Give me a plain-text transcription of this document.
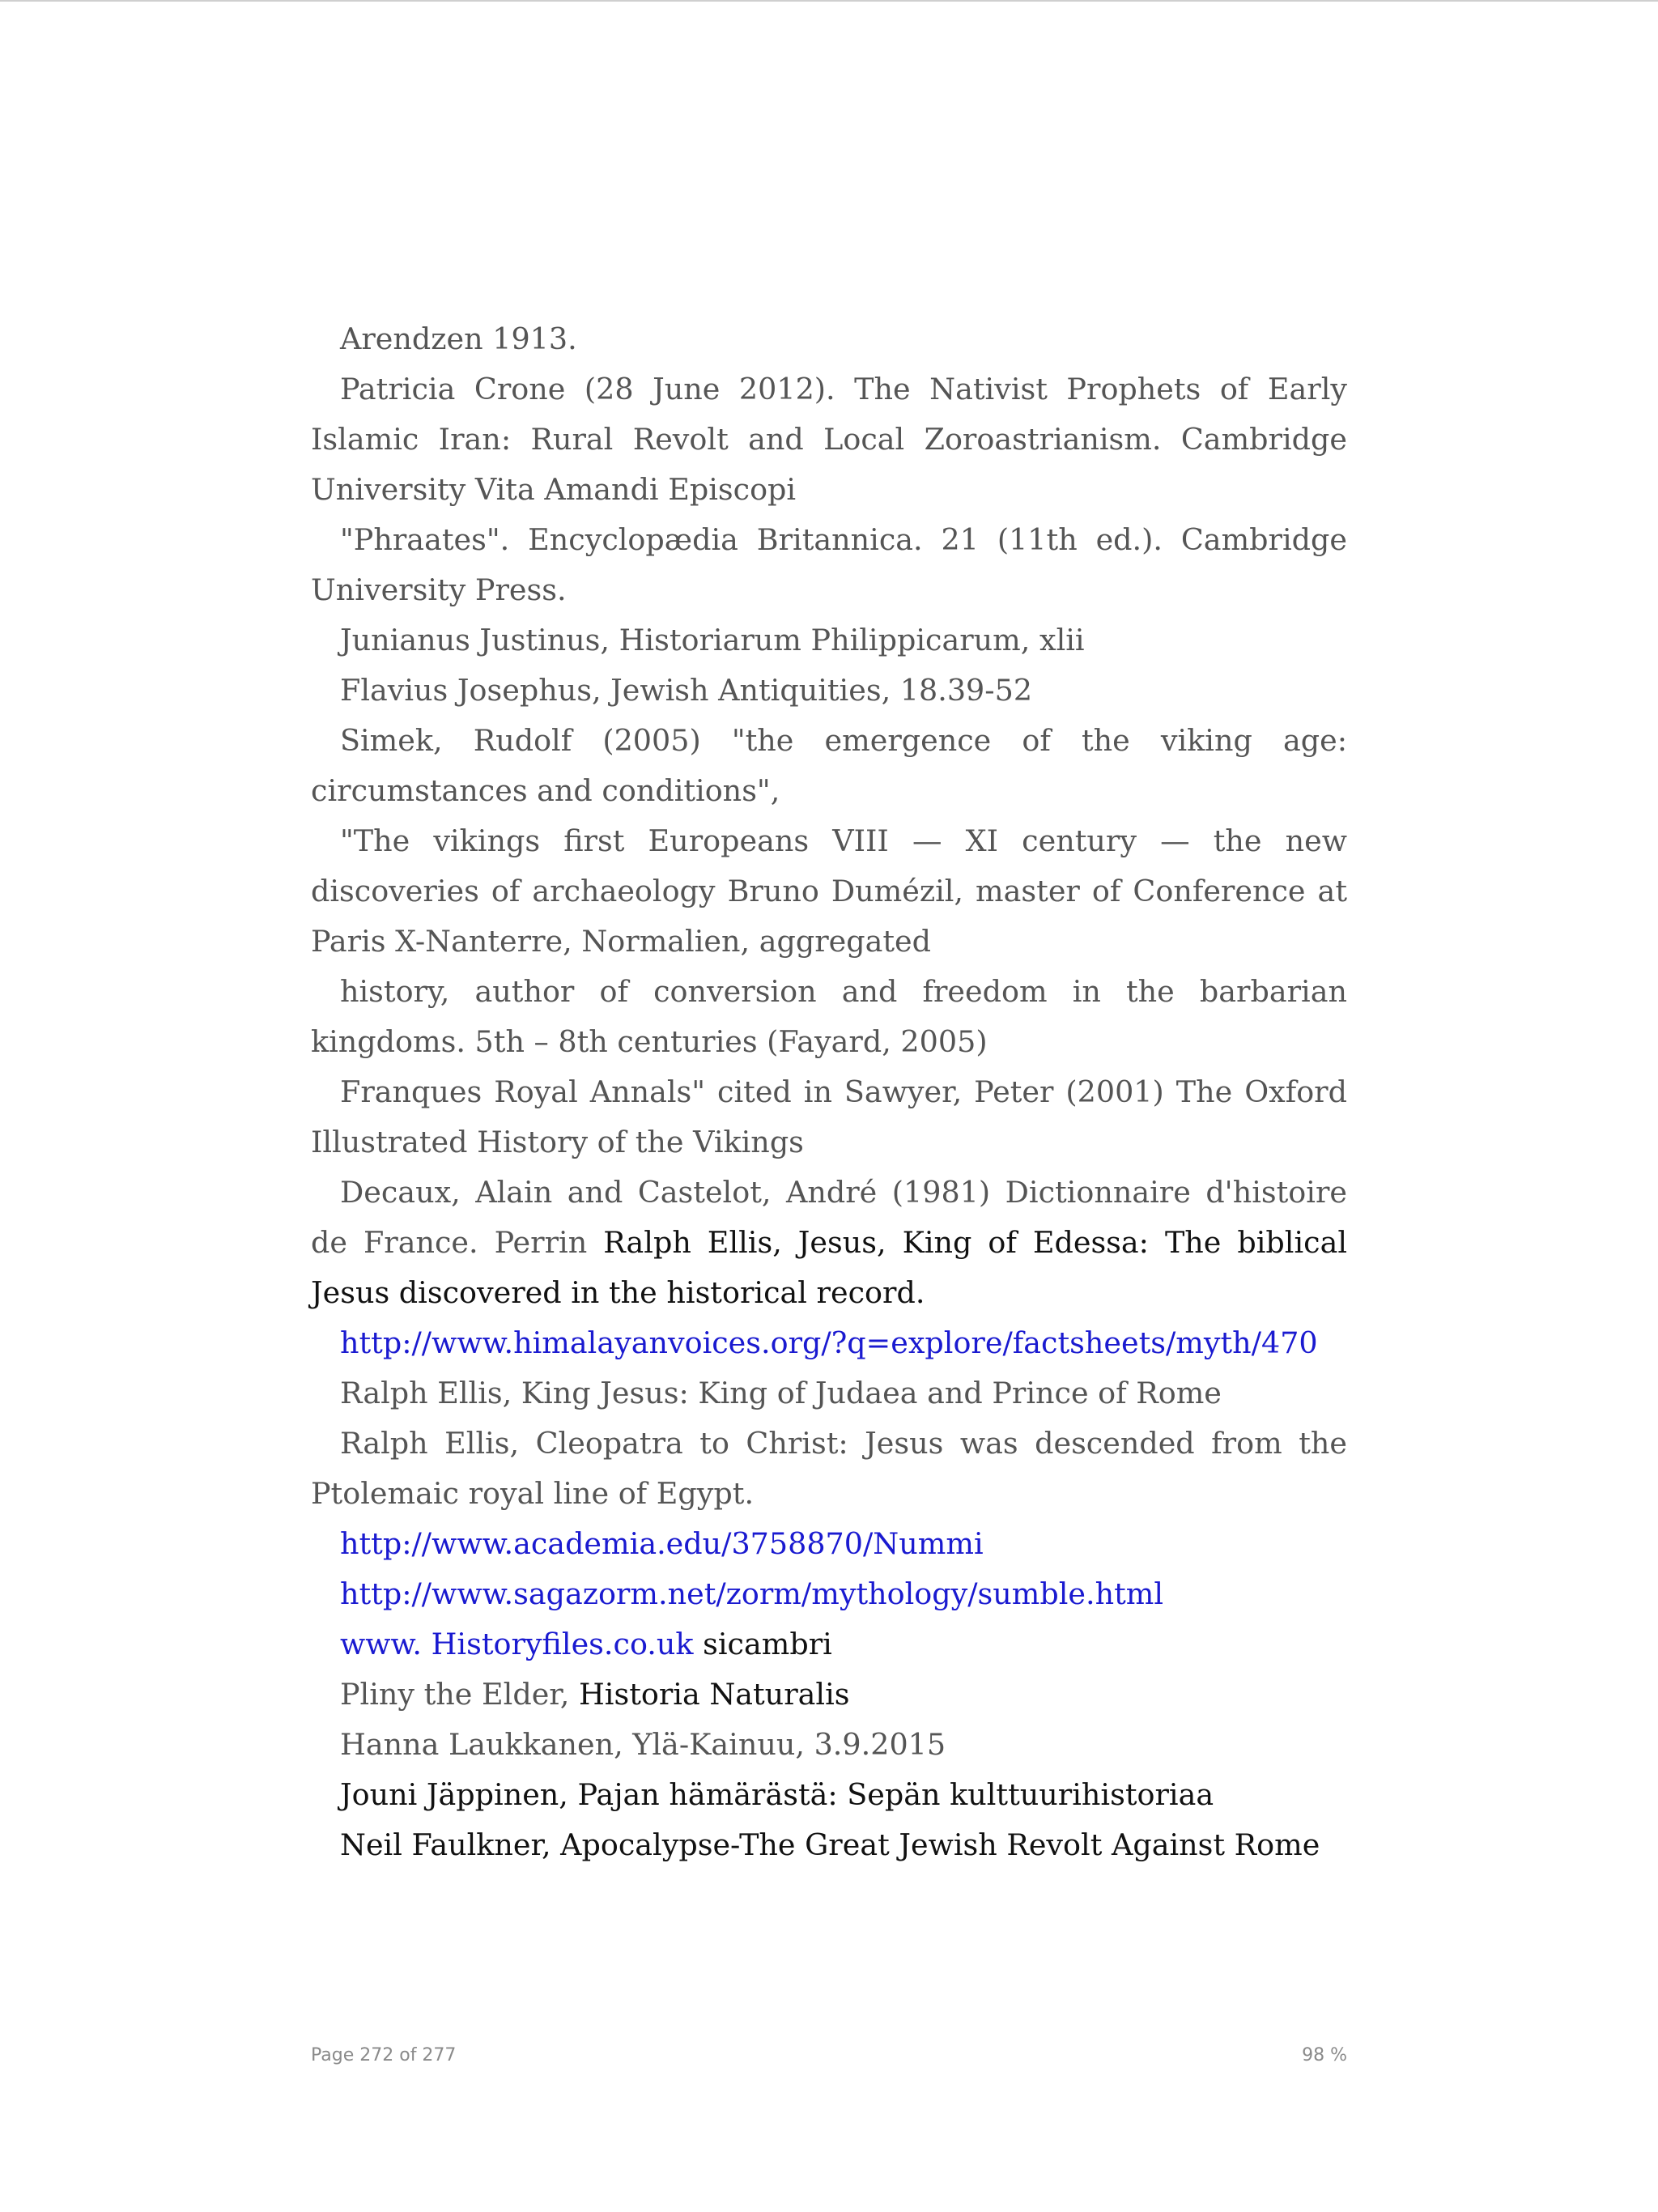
Arendzen 1913.

Patricia Crone (28 June 2012). The Nativist Prophets of Early Islamic Iran: Rural Revolt and Local Zoroastrianism. Cambridge University Vita Amandi Episcopi

"Phraates". Encyclopædia Britannica. 21 (11th ed.). Cambridge University Press.

Junianus Justinus, Historiarum Philippicarum, xlii

Flavius Josephus, Jewish Antiquities, 18.39-52

Simek, Rudolf (2005) "the emergence of the viking age: circumstances and conditions",

"The vikings first Europeans VIII — XI century — the new discoveries of archaeology Bruno Dumézil, master of Conference at Paris X-Nanterre, Normalien, aggregated

history, author of conversion and freedom in the barbarian kingdoms. 5th – 8th centuries (Fayard, 2005)

Franques Royal Annals" cited in Sawyer, Peter (2001) The Oxford Illustrated History of the Vikings

Decaux, Alain and Castelot, André (1981) Dictionnaire d'histoire de France. Perrin Ralph Ellis, Jesus, King of Edessa: The biblical Jesus discovered in the historical record.

http://www.himalayanvoices.org/?q=explore/factsheets/myth/470

Ralph Ellis, King Jesus: King of Judaea and Prince of Rome

Ralph Ellis, Cleopatra to Christ: Jesus was descended from the Ptolemaic royal line of Egypt.

http://www.academia.edu/3758870/Nummi

http://www.sagazorm.net/zorm/mythology/sumble.html

www. Historyfiles.co.uk sicambri

Pliny the Elder, Historia Naturalis

Hanna Laukkanen, Ylä-Kainuu, 3.9.2015

Jouni Jäppinen, Pajan hämärästä: Sepän kulttuurihistoriaa

Neil Faulkner, Apocalypse-The Great Jewish Revolt Against Rome

Page 272 of 277	98 %
